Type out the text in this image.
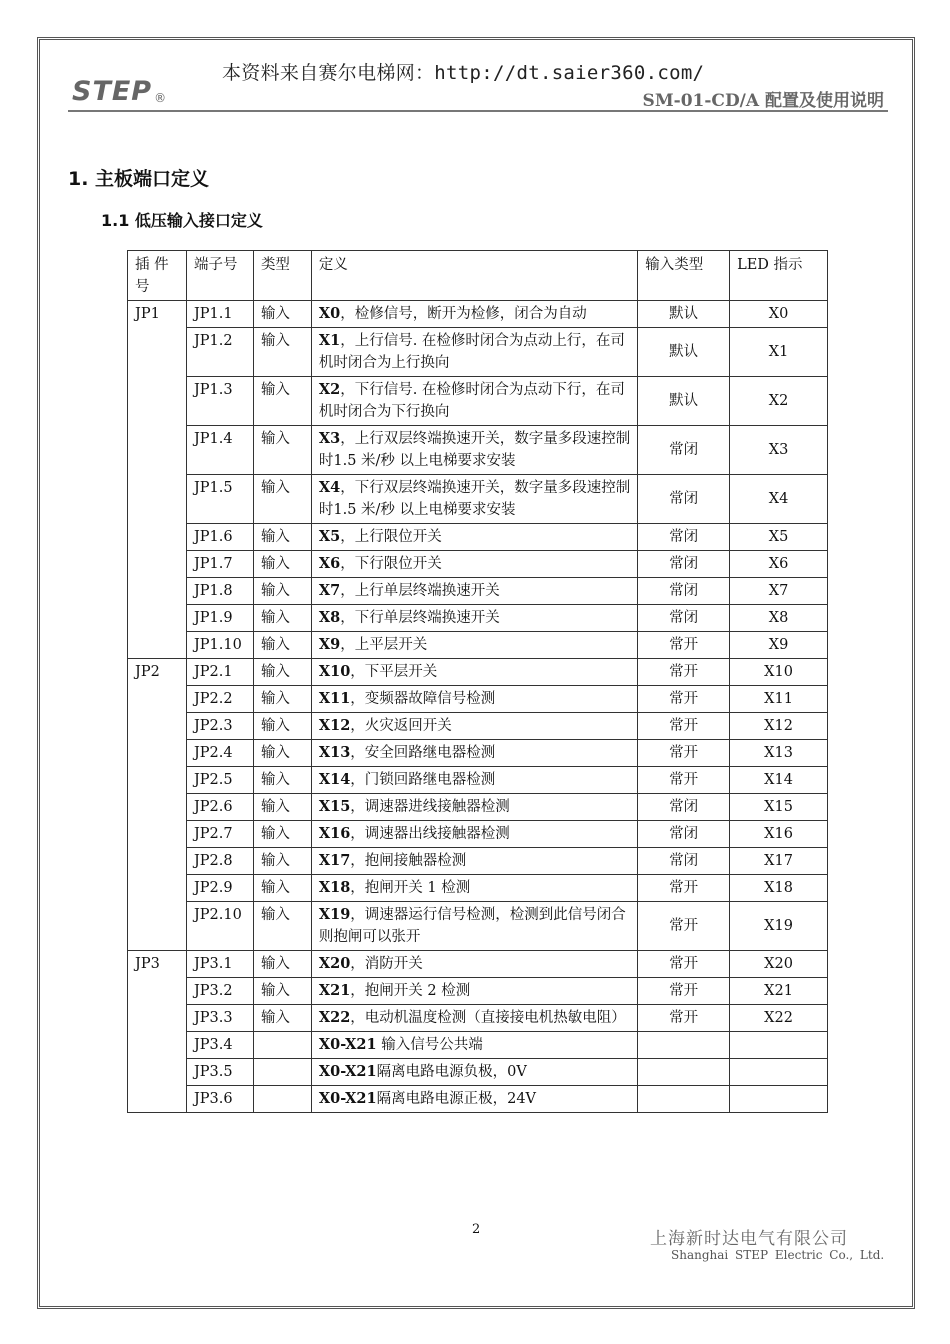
本资料来自赛尔电梯网：http://dt.saier360.com/
STEP ®	SM-01-CD/A 配置及使用说明
1. 主板端口定义
1.1 低压输入接口定义
插 件 号	端子号	类型	定义	输入类型	LED 指示
JP1	JP1.1	输入	X0，检修信号，断开为检修，闭合为自动	默认	X0
	JP1.2	输入	X1，上行信号. 在检修时闭合为点动上行，在司机时闭合为上行换向	默认	X1
	JP1.3	输入	X2，下行信号. 在检修时闭合为点动下行，在司机时闭合为下行换向	默认	X2
	JP1.4	输入	X3，上行双层终端换速开关，数字量多段速控制时1.5 米/秒 以上电梯要求安装	常闭	X3
	JP1.5	输入	X4，下行双层终端换速开关，数字量多段速控制时1.5 米/秒 以上电梯要求安装	常闭	X4
	JP1.6	输入	X5，上行限位开关	常闭	X5
	JP1.7	输入	X6，下行限位开关	常闭	X6
	JP1.8	输入	X7，上行单层终端换速开关	常闭	X7
	JP1.9	输入	X8，下行单层终端换速开关	常闭	X8
	JP1.10	输入	X9，上平层开关	常开	X9
JP2	JP2.1	输入	X10，下平层开关	常开	X10
	JP2.2	输入	X11，变频器故障信号检测	常开	X11
	JP2.3	输入	X12，火灾返回开关	常开	X12
	JP2.4	输入	X13，安全回路继电器检测	常开	X13
	JP2.5	输入	X14，门锁回路继电器检测	常开	X14
	JP2.6	输入	X15，调速器进线接触器检测	常闭	X15
	JP2.7	输入	X16，调速器出线接触器检测	常闭	X16
	JP2.8	输入	X17，抱闸接触器检测	常闭	X17
	JP2.9	输入	X18，抱闸开关 1 检测	常开	X18
	JP2.10	输入	X19，调速器运行信号检测，检测到此信号闭合则抱闸可以张开	常开	X19
JP3	JP3.1	输入	X20，消防开关	常开	X20
	JP3.2	输入	X21，抱闸开关 2 检测	常开	X21
	JP3.3	输入	X22，电动机温度检测（直接接电机热敏电阻）	常开	X22
	JP3.4		X0-X21 输入信号公共端		
	JP3.5		X0-X21隔离电路电源负极，0V		
	JP3.6		X0-X21隔离电路电源正极，24V		
2	上海新时达电气有限公司
Shanghai STEP Electric Co., Ltd.
